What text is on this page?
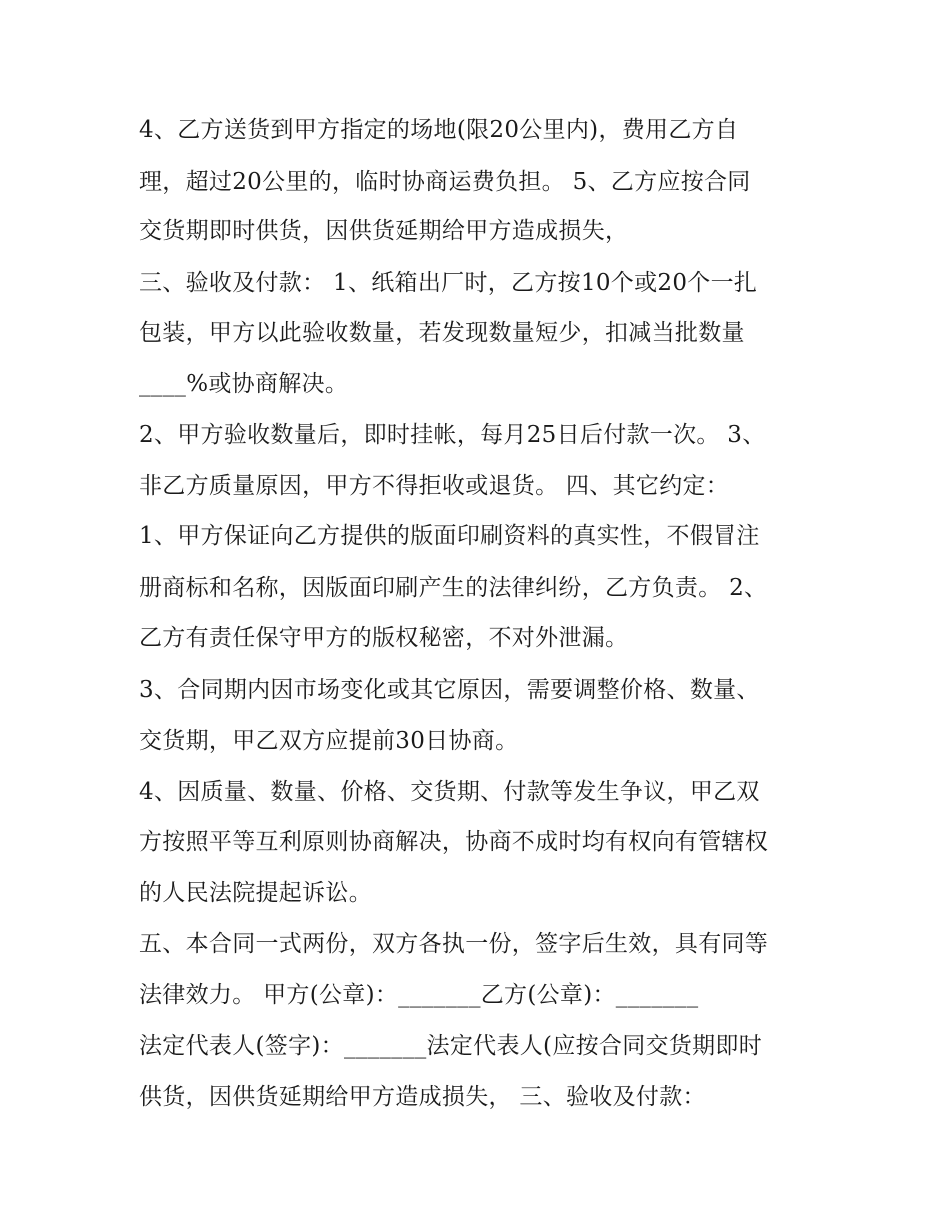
4、乙方送货到甲方指定的场地(限20公里内)，费用乙方自
理，超过20公里的，临时协商运费负担。 5、乙方应按合同
交货期即时供货，因供货延期给甲方造成损失，
三、验收及付款： 1、纸箱出厂时，乙方按10个或20个一扎
包装，甲方以此验收数量，若发现数量短少，扣减当批数量
____%或协商解决。
2、甲方验收数量后，即时挂帐，每月25日后付款一次。 3、
非乙方质量原因，甲方不得拒收或退货。 四、其它约定：
1、甲方保证向乙方提供的版面印刷资料的真实性，不假冒注
册商标和名称，因版面印刷产生的法律纠纷，乙方负责。 2、
乙方有责任保守甲方的版权秘密，不对外泄漏。
3、合同期内因市场变化或其它原因，需要调整价格、数量、
交货期，甲乙双方应提前30日协商。
4、因质量、数量、价格、交货期、付款等发生争议，甲乙双
方按照平等互利原则协商解决，协商不成时均有权向有管辖权
的人民法院提起诉讼。
五、本合同一式两份，双方各执一份，签字后生效，具有同等
法律效力。 甲方(公章)：_______乙方(公章)：_______
法定代表人(签字)：_______法定代表人(应按合同交货期即时
供货，因供货延期给甲方造成损失， 三、验收及付款：
